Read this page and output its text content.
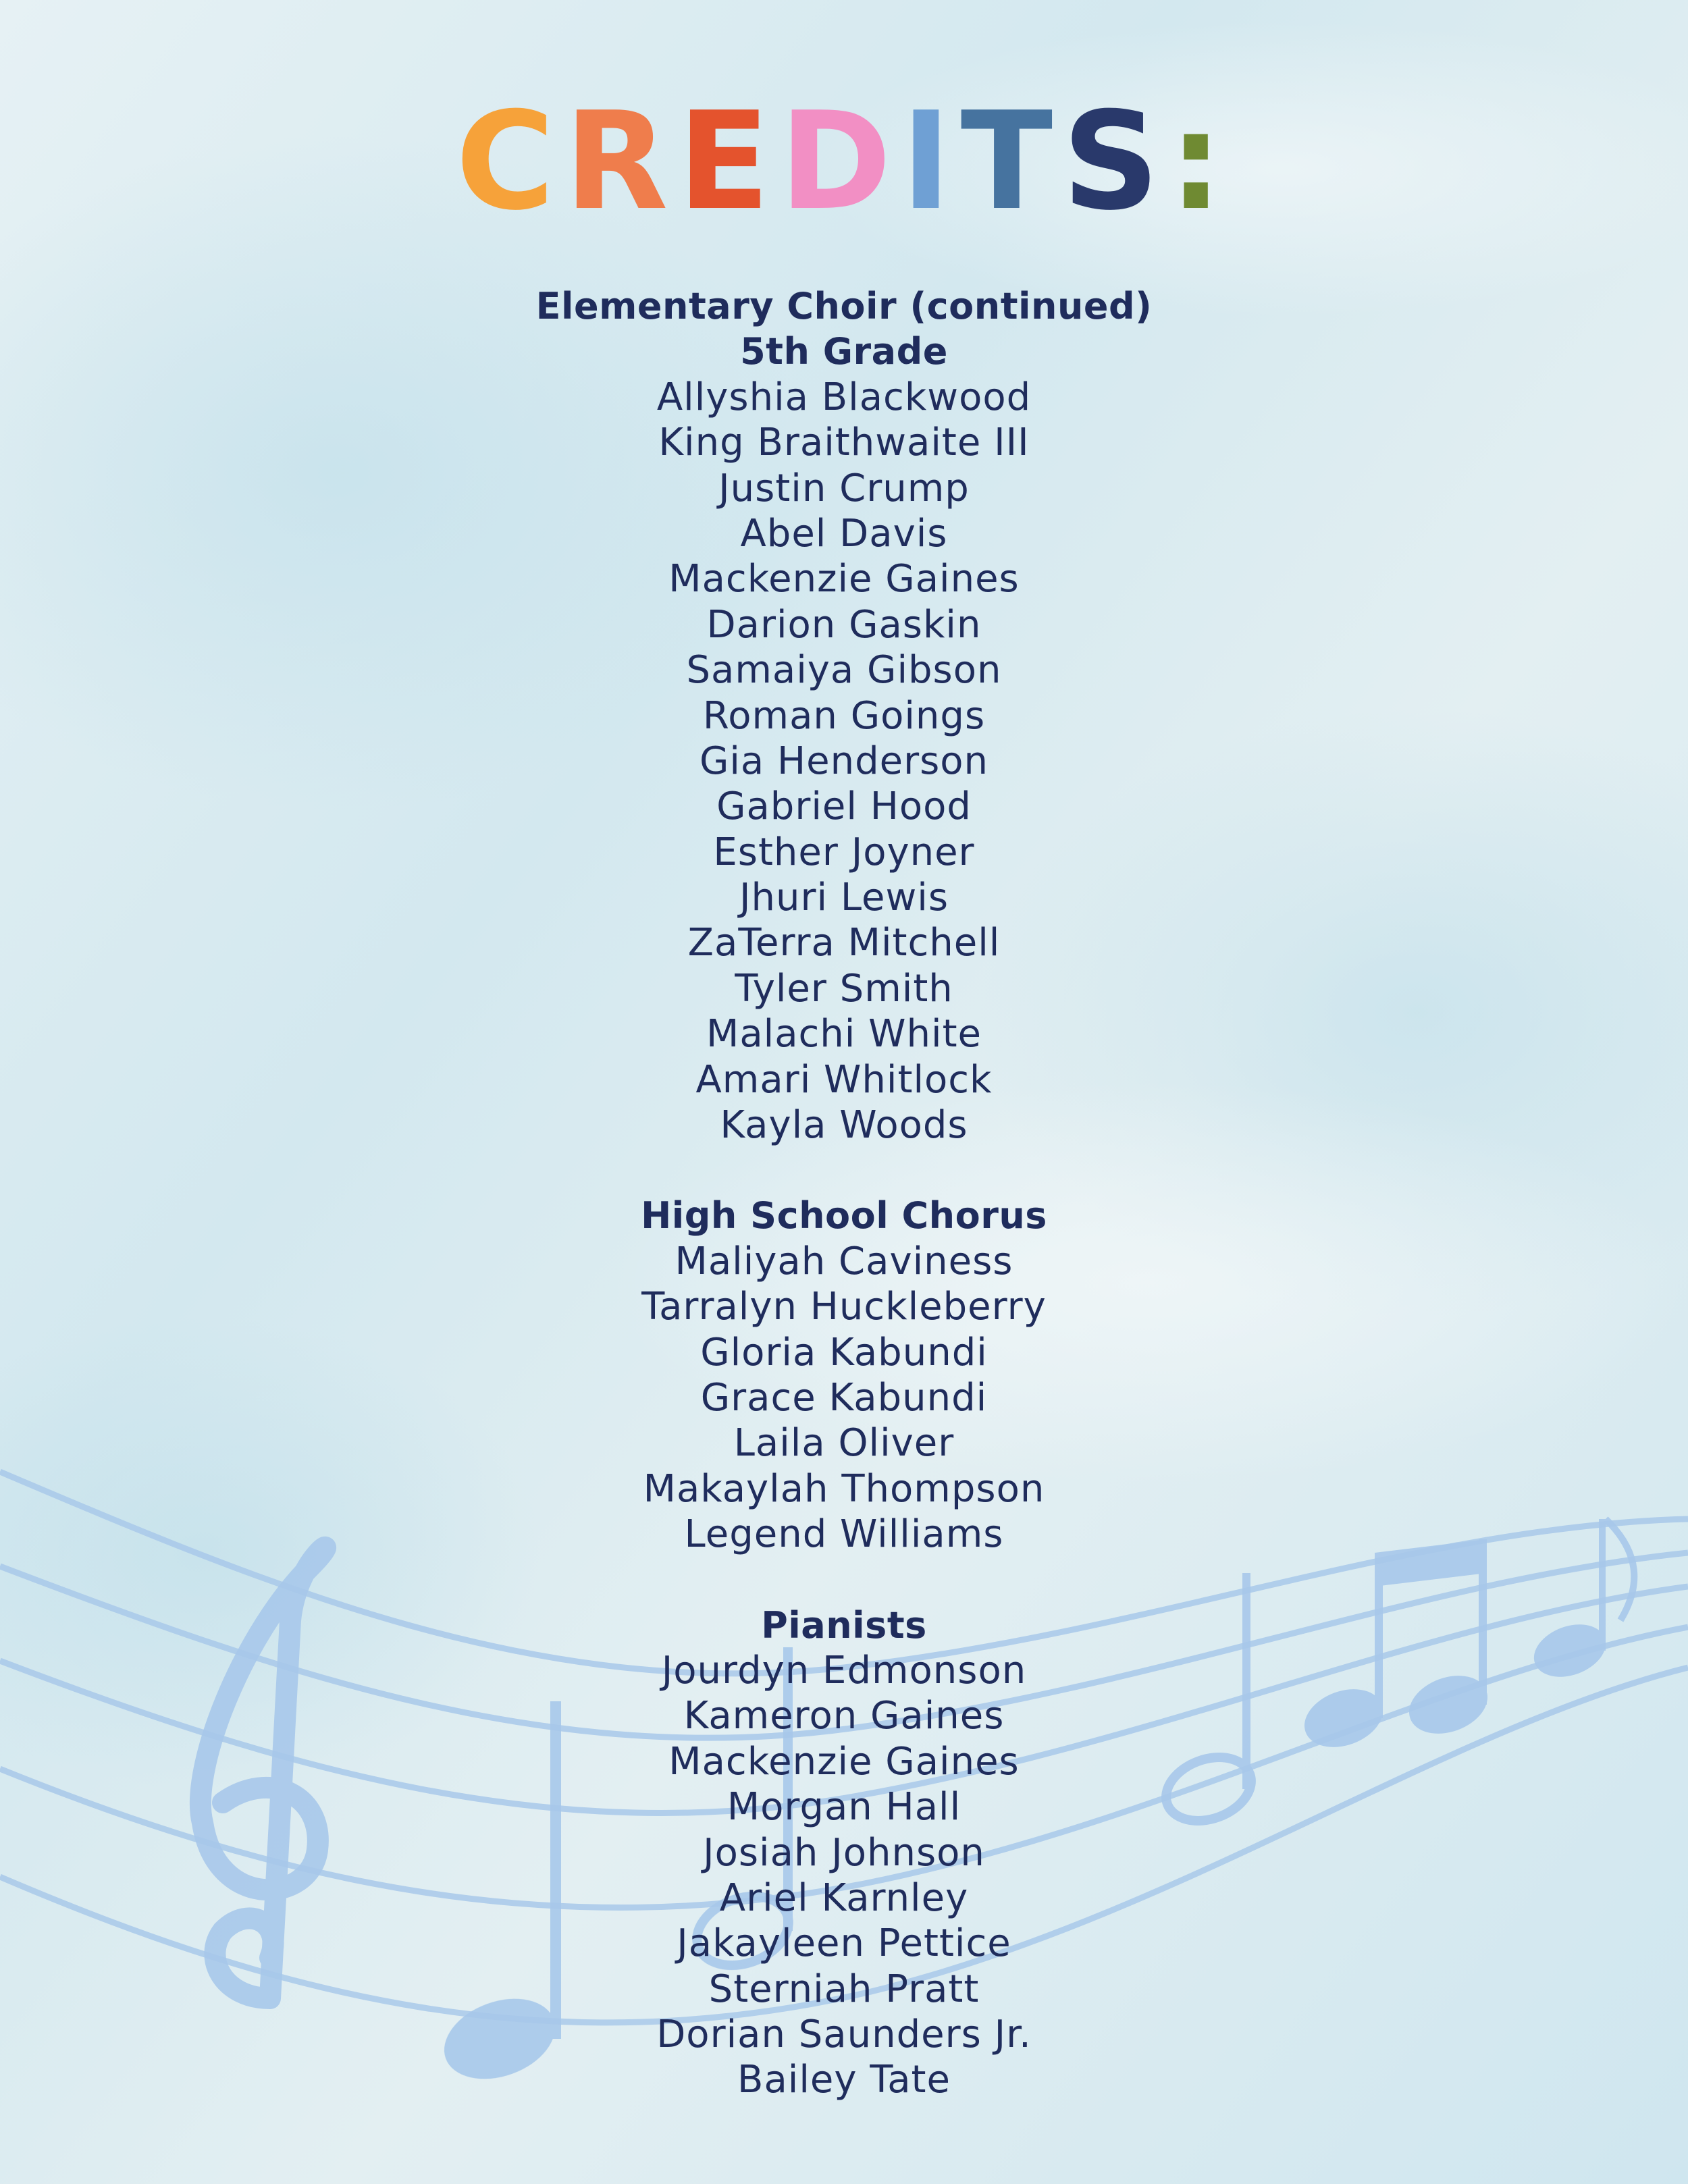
CREDITS:
Elementary Choir (continued)
5th Grade
Allyshia Blackwood
King Braithwaite III
Justin Crump
Abel Davis
Mackenzie Gaines
Darion Gaskin
Samaiya Gibson
Roman Goings
Gia Henderson
Gabriel Hood
Esther Joyner
Jhuri Lewis
ZaTerra Mitchell
Tyler Smith
Malachi White
Amari Whitlock
Kayla Woods
High School Chorus
Maliyah Caviness
Tarralyn Huckleberry
Gloria Kabundi
Grace Kabundi
Laila Oliver
Makaylah Thompson
Legend Williams
Pianists
Jourdyn Edmonson
Kameron Gaines
Mackenzie Gaines
Morgan Hall
Josiah Johnson
Ariel Karnley
Jakayleen Pettice
Sterniah Pratt
Dorian Saunders Jr.
Bailey Tate
